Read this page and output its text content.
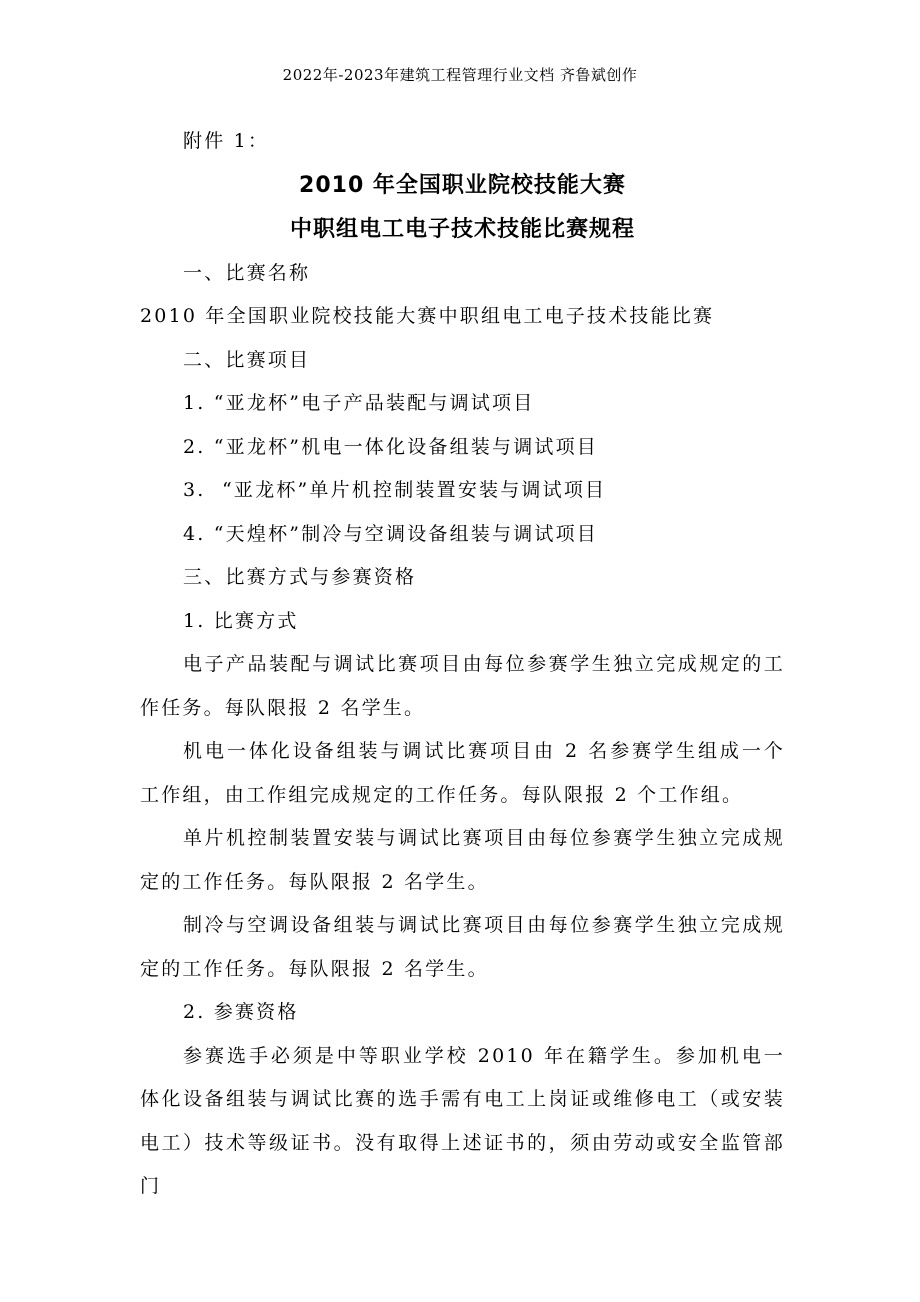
2022年-2023年建筑工程管理行业文档 齐鲁斌创作
附件 1：
2010 年全国职业院校技能大赛
中职组电工电子技术技能比赛规程
一、比赛名称
2010 年全国职业院校技能大赛中职组电工电子技术技能比赛
二、比赛项目
1. “亚龙杯”电子产品装配与调试项目
2. “亚龙杯”机电一体化设备组装与调试项目
3.  “亚龙杯”单片机控制装置安装与调试项目
4. “天煌杯”制冷与空调设备组装与调试项目
三、比赛方式与参赛资格
1. 比赛方式

电子产品装配与调试比赛项目由每位参赛学生独立完成规定的工作任务。每队限报 2 名学生。

机电一体化设备组装与调试比赛项目由 2 名参赛学生组成一个工作组，由工作组完成规定的工作任务。每队限报 2 个工作组。

单片机控制装置安装与调试比赛项目由每位参赛学生独立完成规定的工作任务。每队限报 2 名学生。

制冷与空调设备组装与调试比赛项目由每位参赛学生独立完成规定的工作任务。每队限报 2 名学生。

2. 参赛资格

参赛选手必须是中等职业学校 2010 年在籍学生。参加机电一体化设备组装与调试比赛的选手需有电工上岗证或维修电工（或安装电工）技术等级证书。没有取得上述证书的，须由劳动或安全监管部门
